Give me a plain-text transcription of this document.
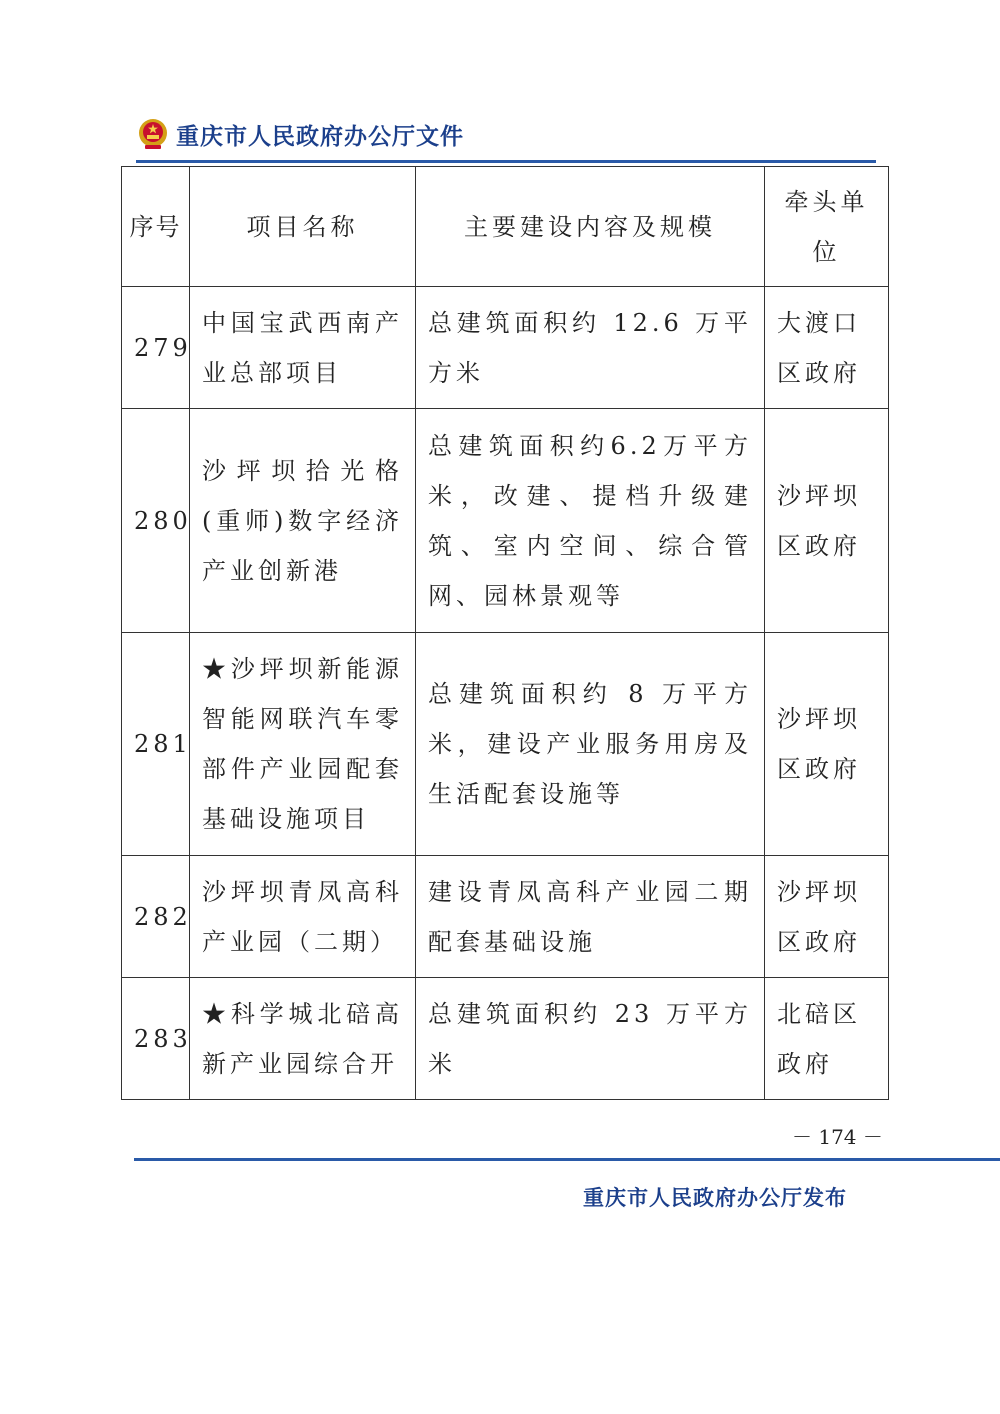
重庆市人民政府办公厅文件
序号	项目名称	主要建设内容及规模	牵头单位
279	中国宝武西南产业总部项目	总建筑面积约 12.6 万平方米	大渡口区政府
280	沙坪坝拾光格(重师)数字经济产业创新港	总建筑面积约6.2万平方米，改建、提档升级建筑、室内空间、综合管网、园林景观等	沙坪坝区政府
281	★沙坪坝新能源智能网联汽车零部件产业园配套基础设施项目	总建筑面积约 8 万平方米，建设产业服务用房及生活配套设施等	沙坪坝区政府
282	沙坪坝青凤高科产业园（二期）	建设青凤高科产业园二期配套基础设施	沙坪坝区政府
283	★科学城北碚高新产业园综合开	总建筑面积约 23 万平方米	北碚区政府
－ 174 －
重庆市人民政府办公厅发布
